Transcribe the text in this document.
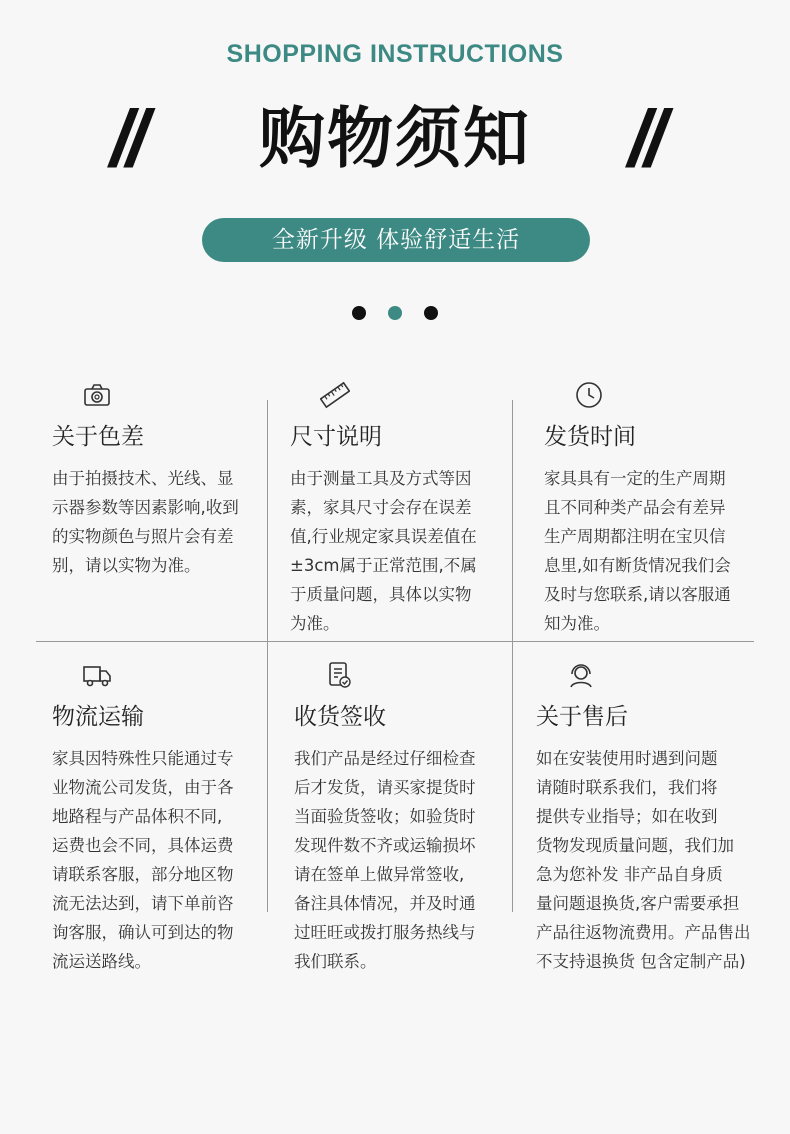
SHOPPING INSTRUCTIONS
//	购物须知	//
全新升级 体验舒适生活
关于色差

由于拍摄技术、光线、显

示器参数等因素影响,收到

的实物颜色与照片会有差

别，请以实物为准。

尺寸说明

由于测量工具及方式等因

素，家具尺寸会存在误差

值,行业规定家具误差值在

±3cm属于正常范围,不属

于质量问题，具体以实物

为准。

发货时间

家具具有一定的生产周期

且不同种类产品会有差异

生产周期都注明在宝贝信

息里,如有断货情况我们会

及时与您联系,请以客服通

知为准。

物流运输

家具因特殊性只能通过专

业物流公司发货，由于各

地路程与产品体积不同,

运费也会不同，具体运费

请联系客服，部分地区物

流无法达到，请下单前咨

询客服，确认可到达的物

流运送路线。

收货签收

我们产品是经过仔细检查

后才发货，请买家提货时

当面验货签收；如验货时

发现件数不齐或运输损坏

请在签单上做异常签收,

备注具体情况，并及时通

过旺旺或拨打服务热线与

我们联系。

关于售后

如在安装使用时遇到问题

请随时联系我们，我们将

提供专业指导；如在收到

货物发现质量问题，我们加

急为您补发 非产品自身质

量问题退换货,客户需要承担

产品往返物流费用。产品售出

不支持退换货 包含定制产品)
